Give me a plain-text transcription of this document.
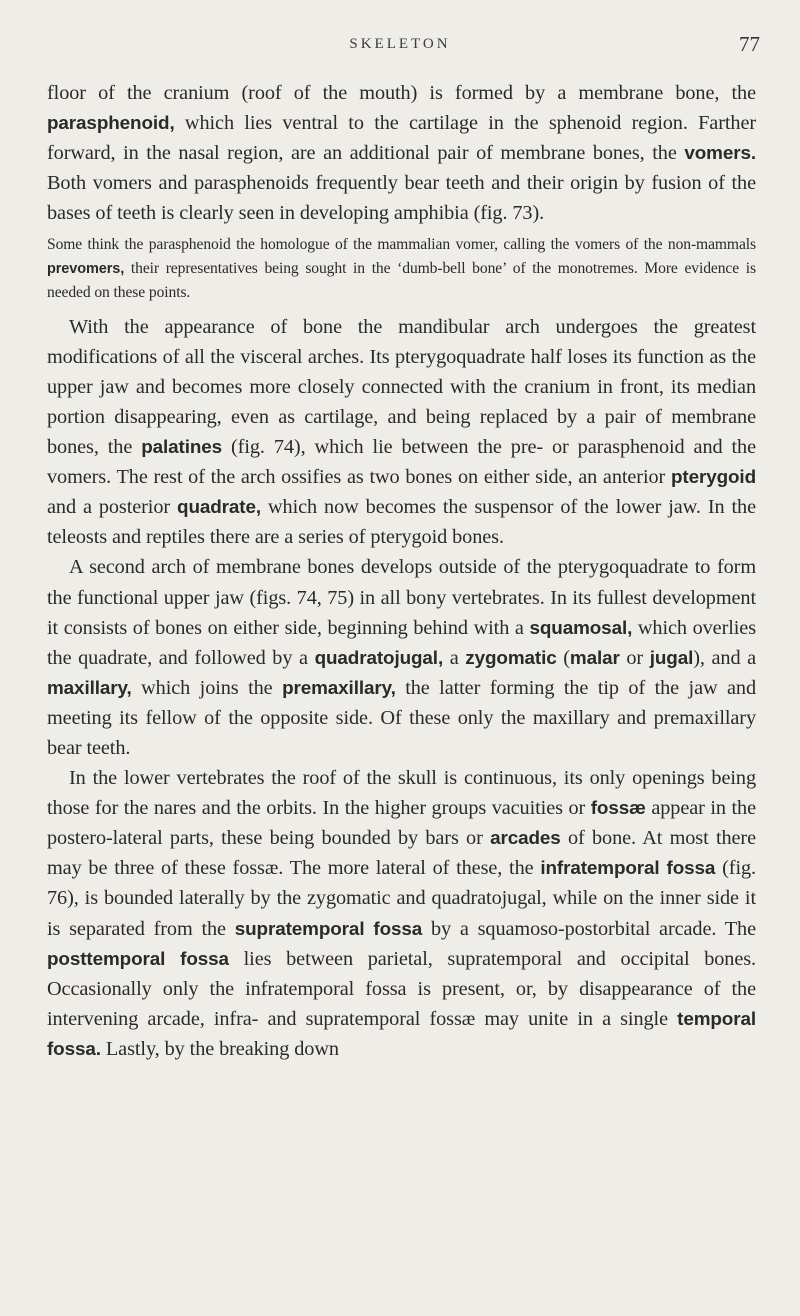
SKELETON	77

floor of the cranium (roof of the mouth) is formed by a membrane bone, the parasphenoid, which lies ventral to the cartilage in the sphenoid region. Farther forward, in the nasal region, are an additional pair of membrane bones, the vomers. Both vomers and parasphenoids frequently bear teeth and their origin by fusion of the bases of teeth is clearly seen in developing amphibia (fig. 73).

Some think the parasphenoid the homologue of the mammalian vomer, calling the vomers of the non-mammals prevomers, their representatives being sought in the ‘dumb-bell bone’ of the monotremes. More evidence is needed on these points.

With the appearance of bone the mandibular arch undergoes the greatest modifications of all the visceral arches. Its pterygoquadrate half loses its function as the upper jaw and becomes more closely connected with the cranium in front, its median portion disappearing, even as cartilage, and being replaced by a pair of membrane bones, the palatines (fig. 74), which lie between the pre- or parasphenoid and the vomers. The rest of the arch ossifies as two bones on either side, an anterior pterygoid and a posterior quadrate, which now becomes the suspensor of the lower jaw. In the teleosts and reptiles there are a series of pterygoid bones.

A second arch of membrane bones develops outside of the pterygoquadrate to form the functional upper jaw (figs. 74, 75) in all bony vertebrates. In its fullest development it consists of bones on either side, beginning behind with a squamosal, which overlies the quadrate, and followed by a quadratojugal, a zygomatic (malar or jugal), and a maxillary, which joins the premaxillary, the latter forming the tip of the jaw and meeting its fellow of the opposite side. Of these only the maxillary and premaxillary bear teeth.

In the lower vertebrates the roof of the skull is continuous, its only openings being those for the nares and the orbits. In the higher groups vacuities or fossæ appear in the postero-lateral parts, these being bounded by bars or arcades of bone. At most there may be three of these fossæ. The more lateral of these, the infratemporal fossa (fig. 76), is bounded laterally by the zygomatic and quadratojugal, while on the inner side it is separated from the supratemporal fossa by a squamoso-postorbital arcade. The posttemporal fossa lies between parietal, supratemporal and occipital bones. Occasionally only the infratemporal fossa is present, or, by disappearance of the intervening arcade, infra- and supratemporal fossæ may unite in a single temporal fossa. Lastly, by the breaking down
